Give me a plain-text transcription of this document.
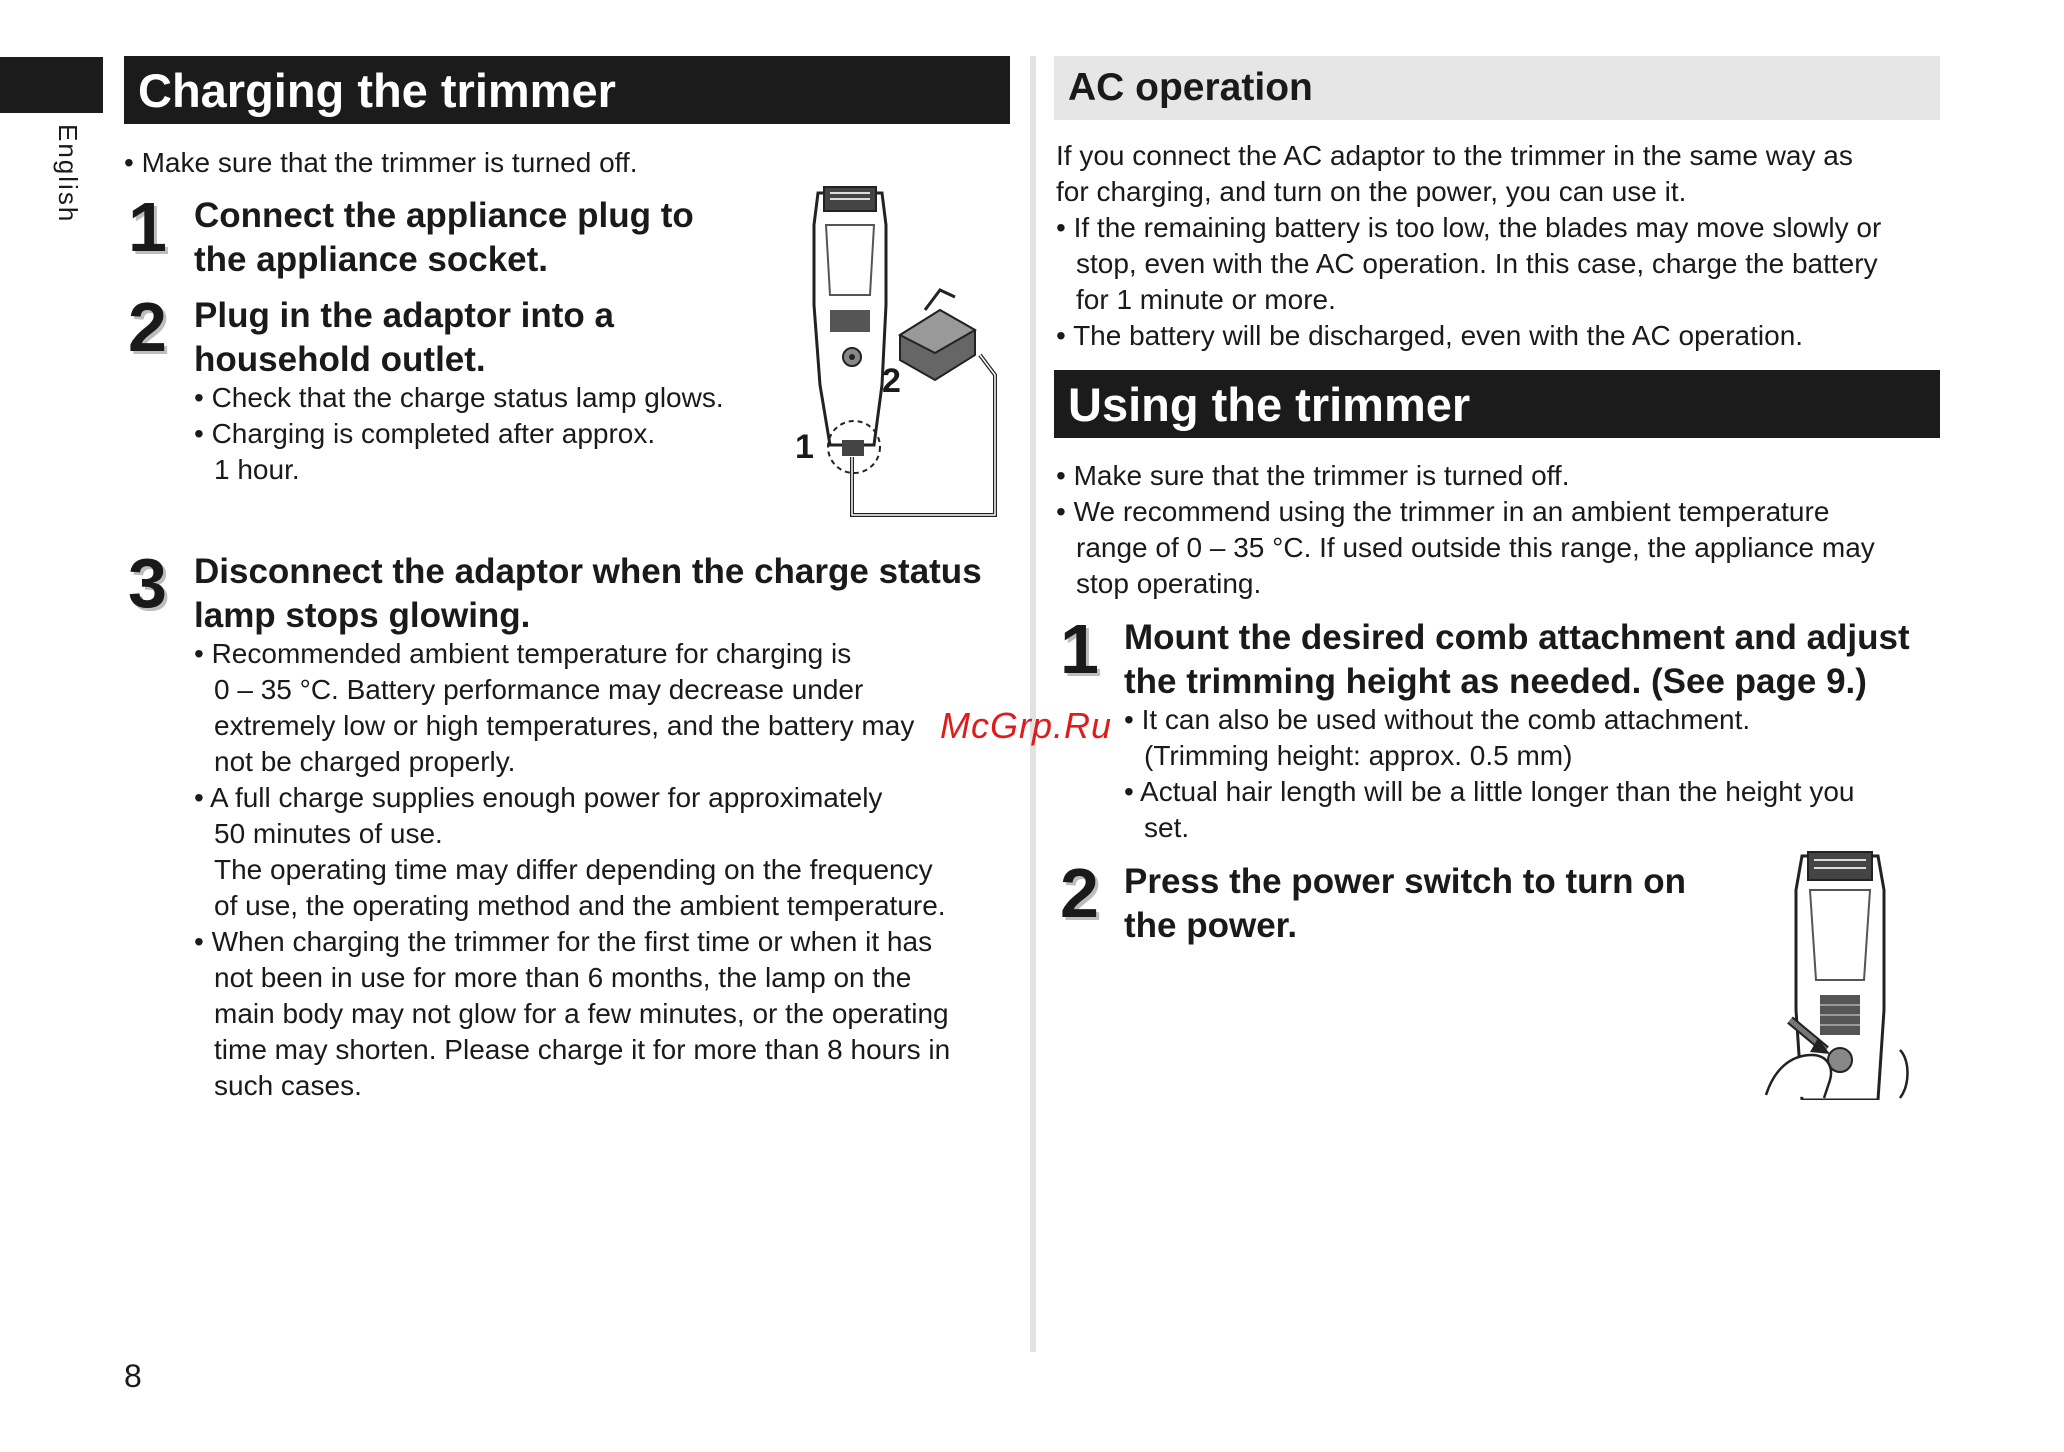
English
Charging the trimmer
• Make sure that the trimmer is turned off.
1 Connect the appliance plug to
the appliance socket.
2 Plug in the adaptor into a
household outlet.
• Check that the charge status lamp glows.
• Charging is completed after approx.
1 hour.
1
2
3 Disconnect the adaptor when the charge status
lamp stops glowing.
• Recommended ambient temperature for charging is
0 – 35 °C. Battery performance may decrease under
extremely low or high temperatures, and the battery may
not be charged properly.
• A full charge supplies enough power for approximately
50 minutes of use.
The operating time may differ depending on the frequency
of use, the operating method and the ambient temperature.
• When charging the trimmer for the first time or when it has
not been in use for more than 6 months, the lamp on the
main body may not glow for a few minutes, or the operating
time may shorten. Please charge it for more than 8 hours in
such cases.
AC operation
If you connect the AC adaptor to the trimmer in the same way as
for charging, and turn on the power, you can use it.
• If the remaining battery is too low, the blades may move slowly or
stop, even with the AC operation. In this case, charge the battery
for 1 minute or more.
• The battery will be discharged, even with the AC operation.
Using the trimmer
• Make sure that the trimmer is turned off.
• We recommend using the trimmer in an ambient temperature
range of 0 – 35 °C. If used outside this range, the appliance may
stop operating.
1 Mount the desired comb attachment and adjust
the trimming height as needed. (See page 9.)
• It can also be used without the comb attachment.
(Trimming height: approx. 0.5 mm)
• Actual hair length will be a little longer than the height you
set.
2 Press the power switch to turn on
the power.
McGrp.Ru
8
